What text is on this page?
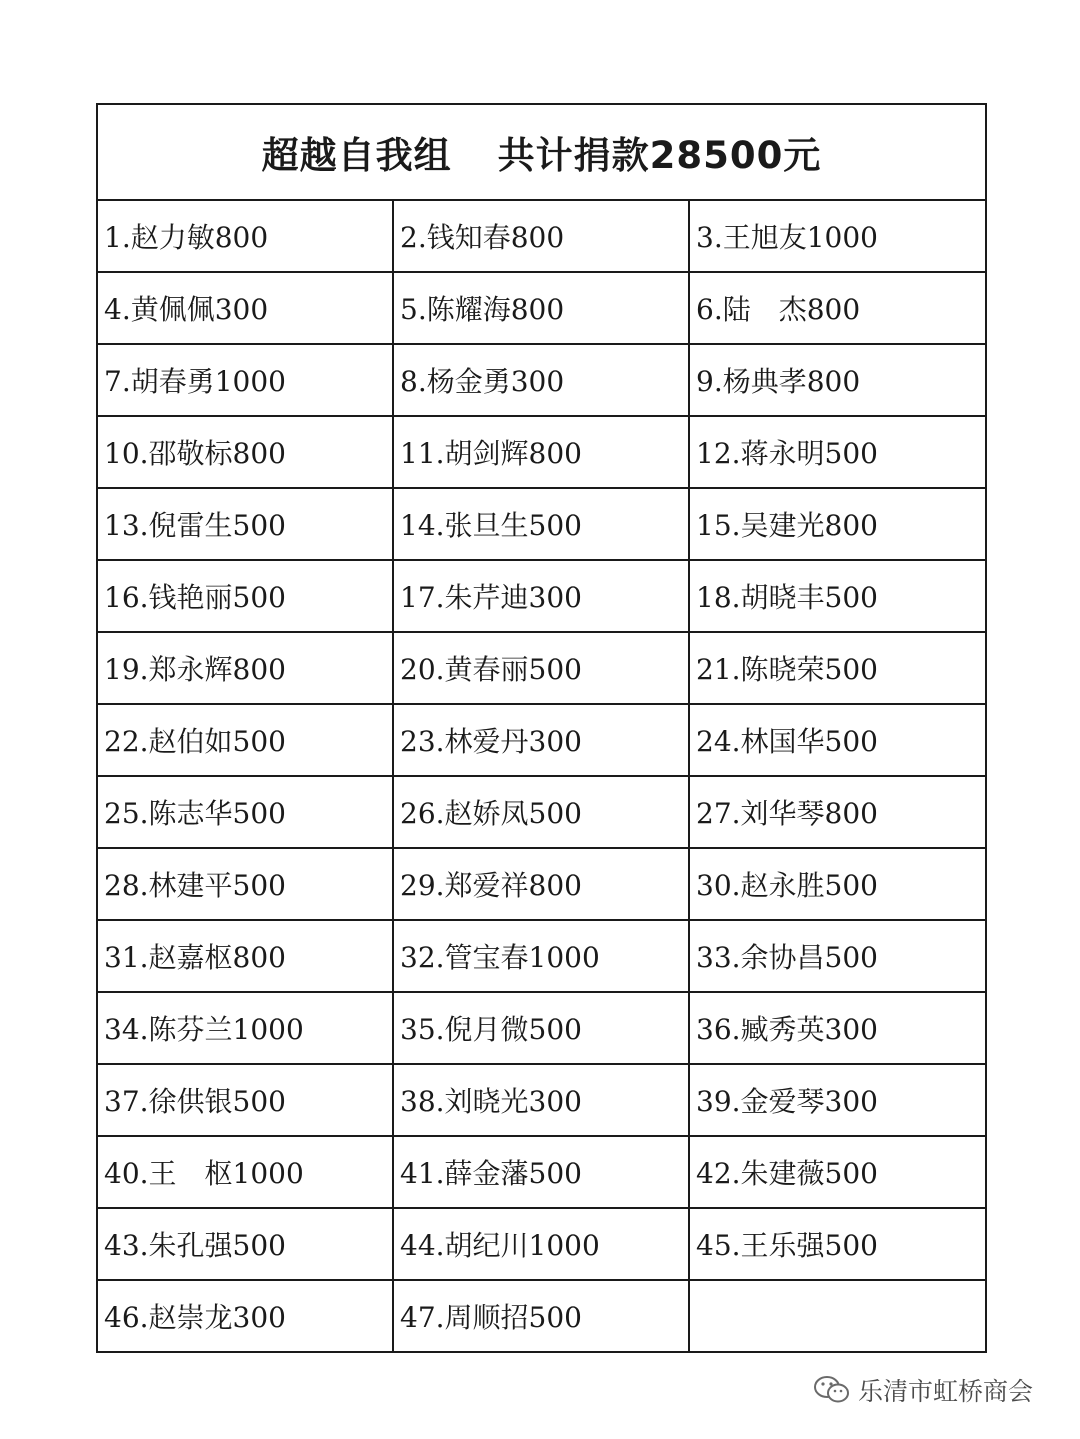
超越自我组 共计捐款28500元		
1.赵力敏800	2.钱知春800	3.王旭友1000
4.黄佩佩300	5.陈耀海800	6.陆　杰800
7.胡春勇1000	8.杨金勇300	9.杨典孝800
10.邵敬标800	11.胡剑辉800	12.蒋永明500
13.倪雷生500	14.张旦生500	15.吴建光800
16.钱艳丽500	17.朱芹迪300	18.胡晓丰500
19.郑永辉800	20.黄春丽500	21.陈晓荣500
22.赵伯如500	23.林爱丹300	24.林国华500
25.陈志华500	26.赵娇凤500	27.刘华琴800
28.林建平500	29.郑爱祥800	30.赵永胜500
31.赵嘉枢800	32.管宝春1000	33.余协昌500
34.陈芬兰1000	35.倪月微500	36.臧秀英300
37.徐供银500	38.刘晓光300	39.金爱琴300
40.王　枢1000	41.薛金藩500	42.朱建薇500
43.朱孔强500	44.胡纪川1000	45.王乐强500
46.赵崇龙300	47.周顺招500	
乐清市虹桥商会
